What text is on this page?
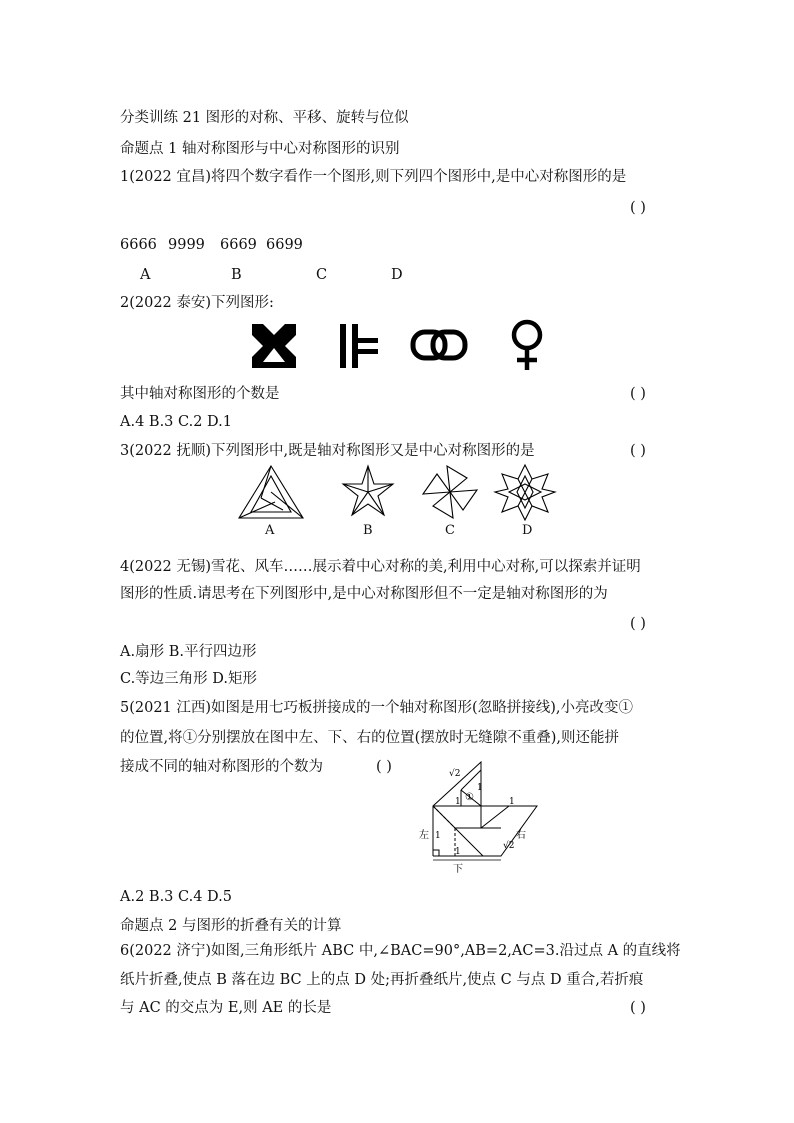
分类训练 21 图形的对称、平移、旋转与位似
命题点 1 轴对称图形与中心对称图形的识别
1(2022 宜昌)将四个数字看作一个图形,则下列四个图形中,是中心对称图形的是
( )
6666 9999 6669 6699
A	B	C	D
2(2022 泰安)下列图形:
其中轴对称图形的个数是	( )
A.4 B.3 C.2 D.1
3(2022 抚顺)下列图形中,既是轴对称图形又是中心对称图形的是	( )
A	B	C	D
4(2022 无锡)雪花、风车……展示着中心对称的美,利用中心对称,可以探索并证明
图形的性质.请思考在下列图形中,是中心对称图形但不一定是轴对称图形的为
( )
A.扇形 B.平行四边形
C.等边三角形 D.矩形
5(2021 江西)如图是用七巧板拼接成的一个轴对称图形(忽略拼接线),小亮改变①
的位置,将①分别摆放在图中左、下、右的位置(摆放时无缝隙不重叠),则还能拼
接成不同的轴对称图形的个数为	( )	√2
1
1 ①	1
左 1	右
√2
1
下
A.2 B.3 C.4 D.5
命题点 2 与图形的折叠有关的计算
6(2022 济宁)如图,三角形纸片 ABC 中,∠BAC=90°,AB=2,AC=3.沿过点 A 的直线将
纸片折叠,使点 B 落在边 BC 上的点 D 处;再折叠纸片,使点 C 与点 D 重合,若折痕
与 AC 的交点为 E,则 AE 的长是	( )
